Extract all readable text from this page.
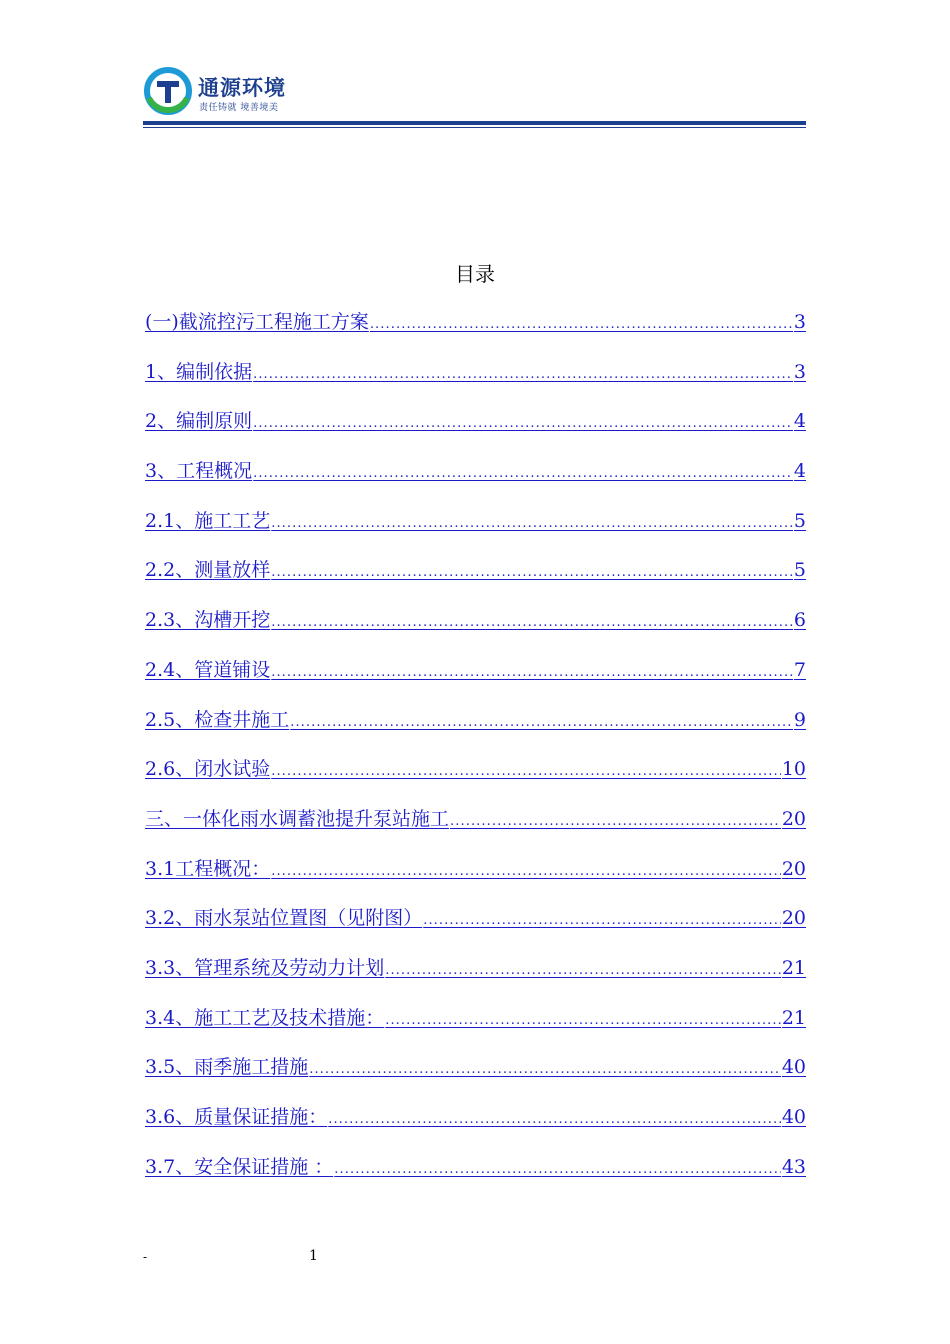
通源环境
责任铸就 境善境美
目录
(一)截流控污工程施工方案 .....	3
1、编制依据 .....	3
2、编制原则 .....	4
3、工程概况 .....	4
2.1、施工工艺 .....	5
2.2、测量放样 .....	5
2.3、沟槽开挖 .....	6
2.4、管道铺设 .....	7
2.5、检查井施工 .....	9
2.6、闭水试验 .....	10
三、一体化雨水调蓄池提升泵站施工 .....	20
3.1工程概况： .....	20
3.2、雨水泵站位置图（见附图） .....	20
3.3、管理系统及劳动力计划 .....	21
3.4、施工工艺及技术措施： .....	21
3.5、雨季施工措施 .....	40
3.6、质量保证措施： .....	40
3.7、安全保证措施 ： .....	43
-	1
